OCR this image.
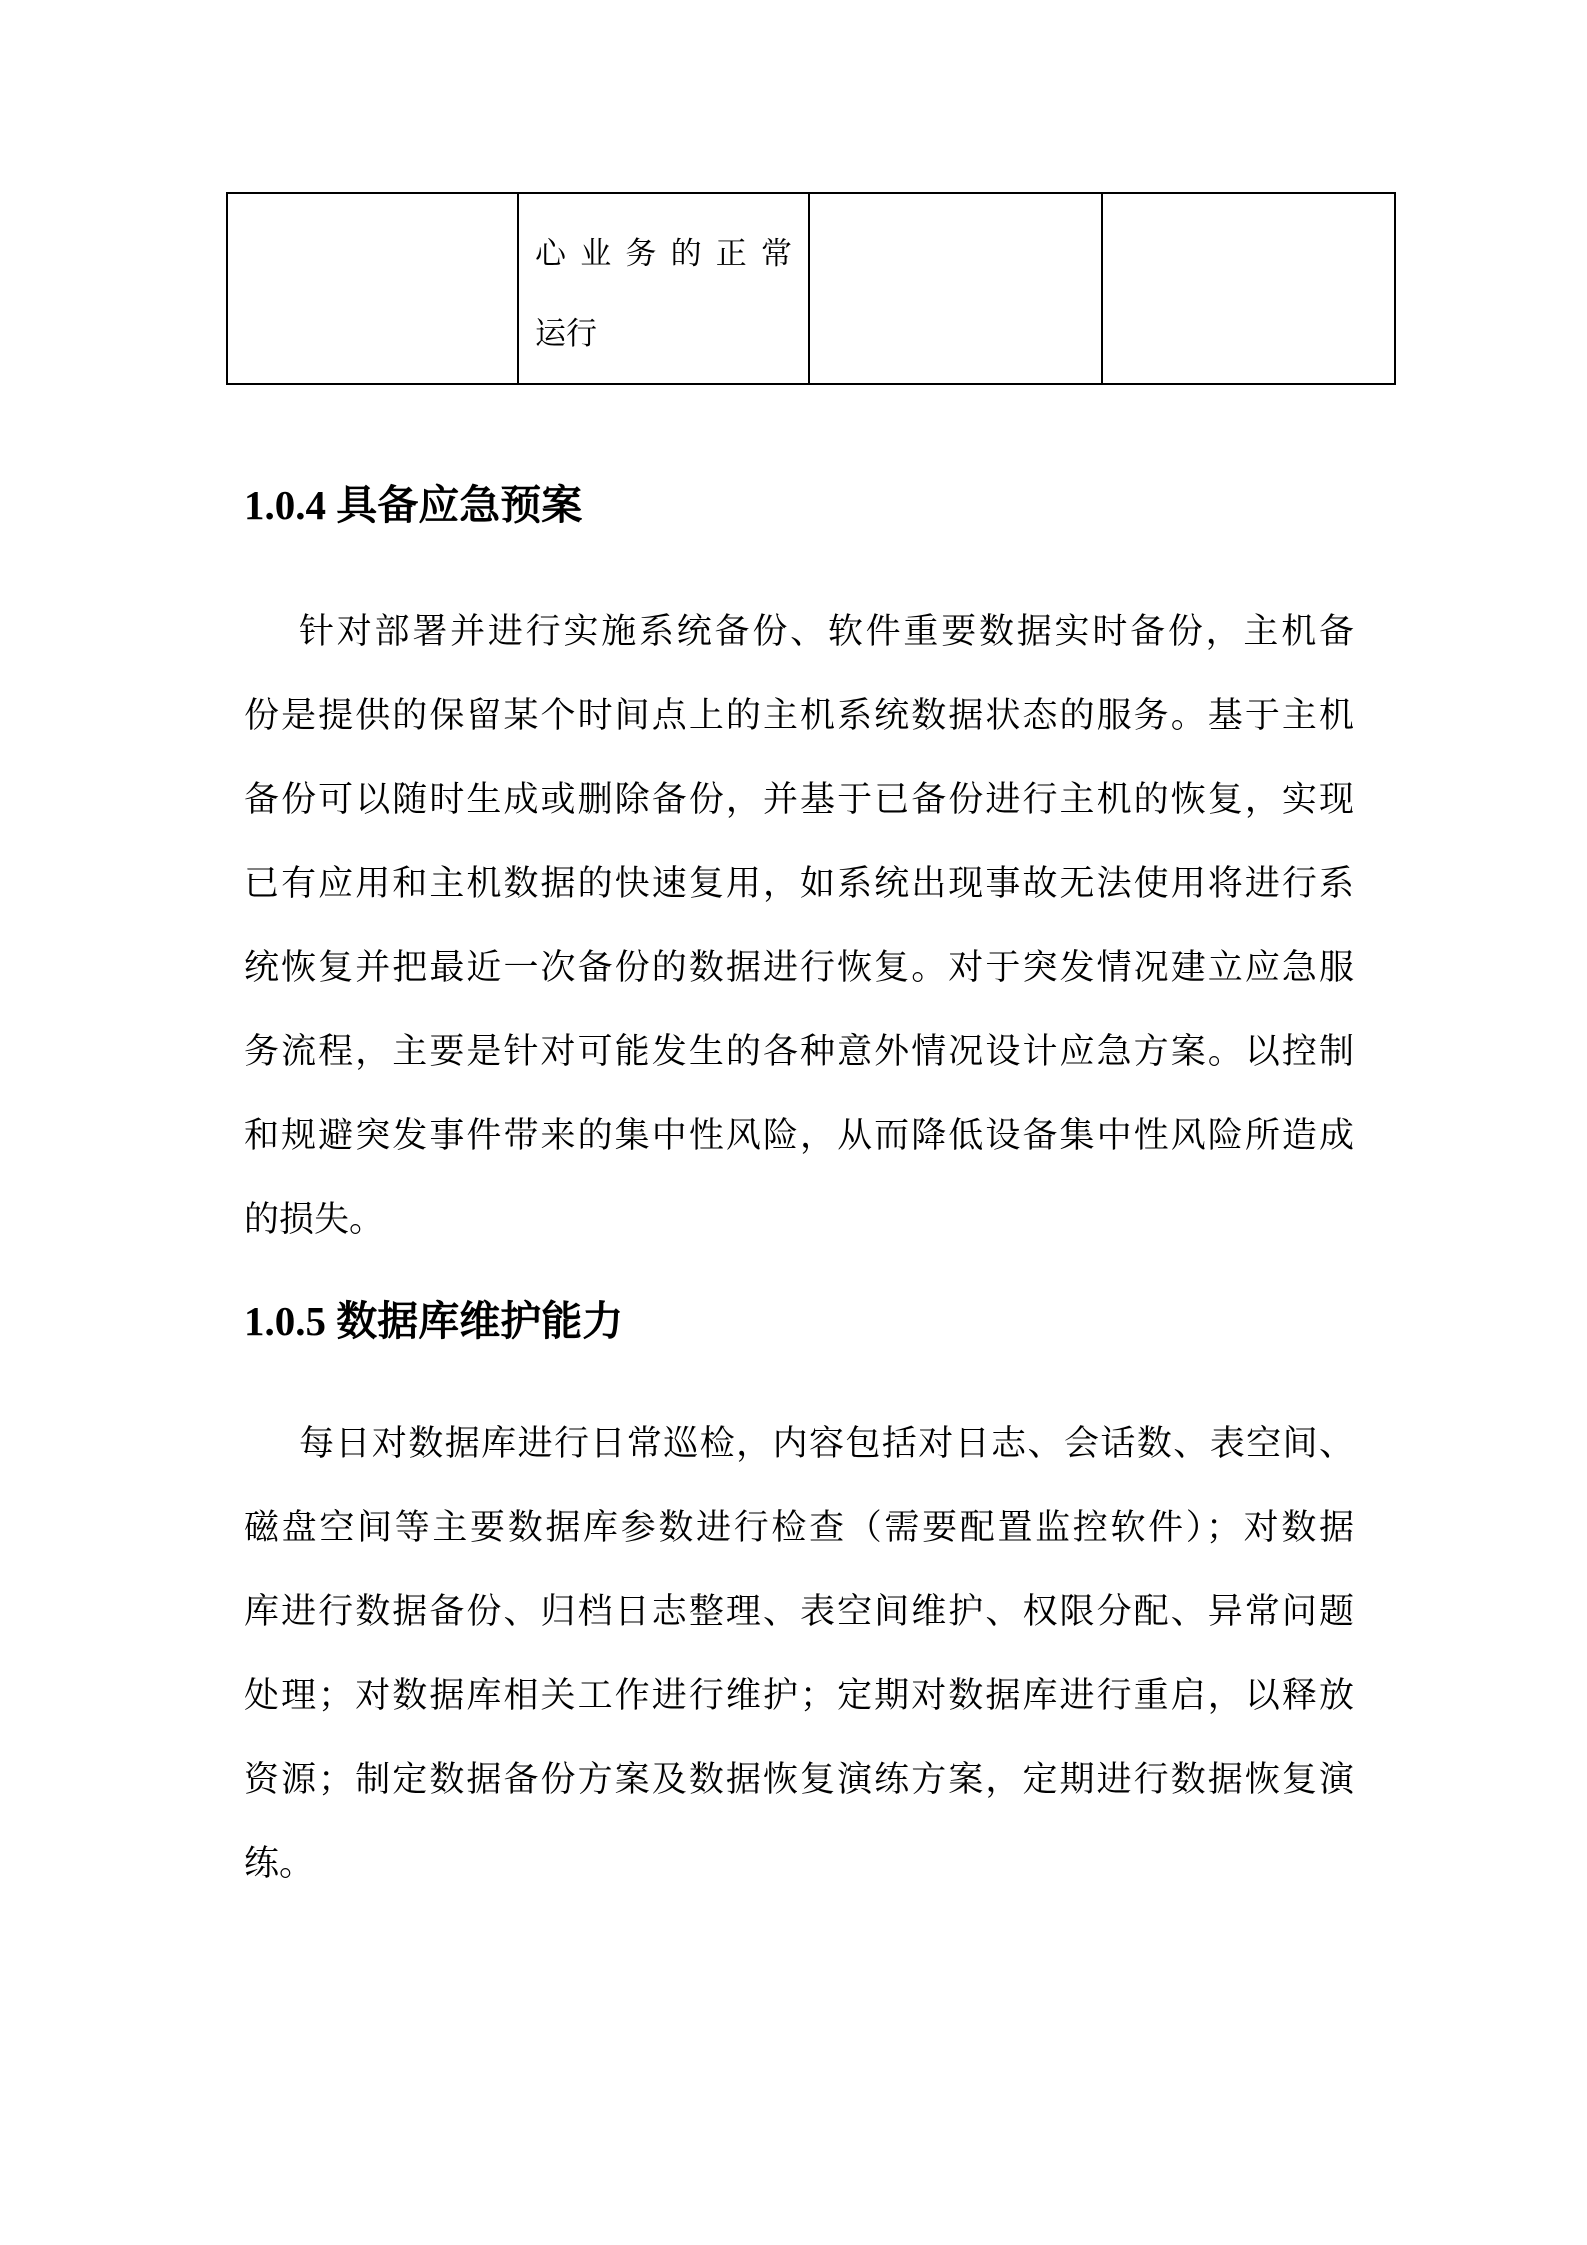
心业务的正常
运行

1.0.4 具备应急预案
针对部署并进行实施系统备份、软件重要数据实时备份，主机备
份是提供的保留某个时间点上的主机系统数据状态的服务。基于主机
备份可以随时生成或删除备份，并基于已备份进行主机的恢复，实现
已有应用和主机数据的快速复用，如系统出现事故无法使用将进行系
统恢复并把最近一次备份的数据进行恢复。对于突发情况建立应急服
务流程，主要是针对可能发生的各种意外情况设计应急方案。以控制
和规避突发事件带来的集中性风险，从而降低设备集中性风险所造成
的损失。
1.0.5 数据库维护能力
每日对数据库进行日常巡检，内容包括对日志、会话数、表空间、
磁盘空间等主要数据库参数进行检查（需要配置监控软件）；对数据
库进行数据备份、归档日志整理、表空间维护、权限分配、异常问题
处理；对数据库相关工作进行维护；定期对数据库进行重启，以释放
资源；制定数据备份方案及数据恢复演练方案，定期进行数据恢复演
练。
